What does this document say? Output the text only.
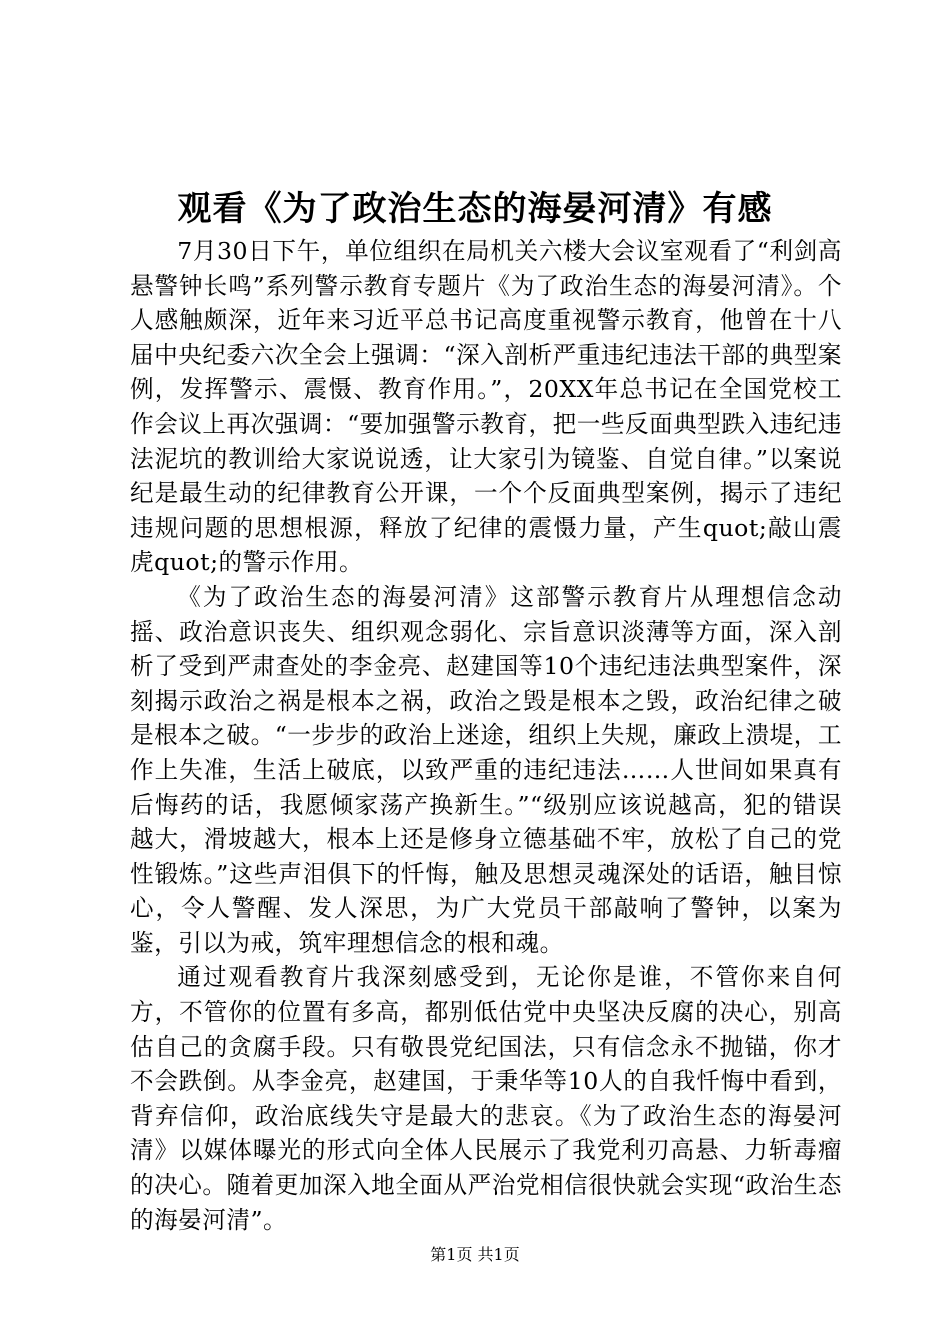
观看《为了政治生态的海晏河清》有感

7月30日下午，单位组织在局机关六楼大会议室观看了“利剑高悬警钟长鸣”系列警示教育专题片《为了政治生态的海晏河清》。个人感触颇深，近年来习近平总书记高度重视警示教育，他曾在十八届中央纪委六次全会上强调：“深入剖析严重违纪违法干部的典型案例，发挥警示、震慑、教育作用。”，20XX年总书记在全国党校工作会议上再次强调：“要加强警示教育，把一些反面典型跌入违纪违法泥坑的教训给大家说说透，让大家引为镜鉴、自觉自律。”以案说纪是最生动的纪律教育公开课，一个个反面典型案例，揭示了违纪违规问题的思想根源，释放了纪律的震慑力量，产生quot;敲山震虎quot;的警示作用。

《为了政治生态的海晏河清》这部警示教育片从理想信念动摇、政治意识丧失、组织观念弱化、宗旨意识淡薄等方面，深入剖析了受到严肃查处的李金亮、赵建国等10个违纪违法典型案件，深刻揭示政治之祸是根本之祸，政治之毁是根本之毁，政治纪律之破是根本之破。“一步步的政治上迷途，组织上失规，廉政上溃堤，工作上失准，生活上破底，以致严重的违纪违法……人世间如果真有后悔药的话，我愿倾家荡产换新生。”“级别应该说越高，犯的错误越大，滑坡越大，根本上还是修身立德基础不牢，放松了自己的党性锻炼。”这些声泪俱下的忏悔，触及思想灵魂深处的话语，触目惊心，令人警醒、发人深思，为广大党员干部敲响了警钟，以案为鉴，引以为戒，筑牢理想信念的根和魂。

通过观看教育片我深刻感受到，无论你是谁，不管你来自何方，不管你的位置有多高，都别低估党中央坚决反腐的决心，别高估自己的贪腐手段。只有敬畏党纪国法，只有信念永不抛锚，你才不会跌倒。从李金亮，赵建国，于秉华等10人的自我忏悔中看到，背弃信仰，政治底线失守是最大的悲哀。《为了政治生态的海晏河清》以媒体曝光的形式向全体人民展示了我党利刃高悬、力斩毒瘤的决心。随着更加深入地全面从严治党相信很快就会实现“政治生态的海晏河清”。

第1页 共1页
